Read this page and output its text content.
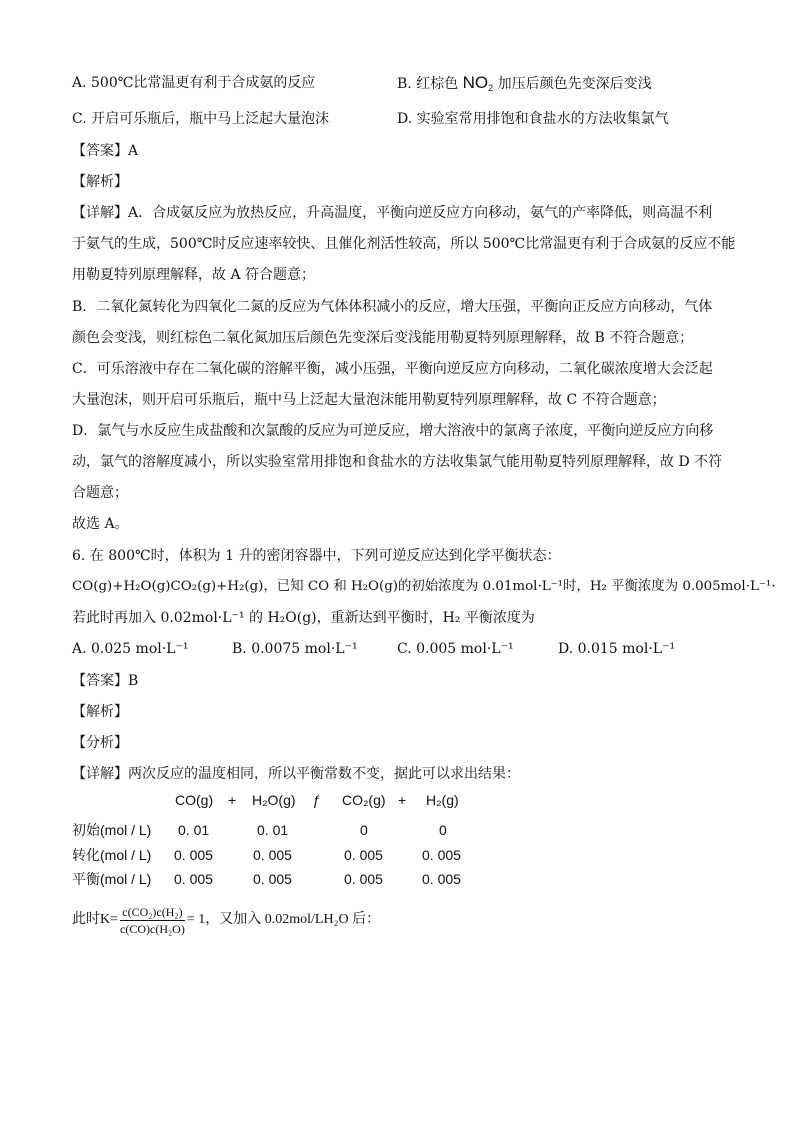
A. 500℃比常温更有利于合成氨的反应	B. 红棕色 $NO_2$ 加压后颜色先变深后变浅
C. 开启可乐瓶后，瓶中马上泛起大量泡沫	D. 实验室常用排饱和食盐水的方法收集氯气
【答案】A
【解析】
【详解】A．合成氨反应为放热反应，升高温度，平衡向逆反应方向移动，氨气的产率降低，则高温不利
于氨气的生成，500℃时反应速率较快、且催化剂活性较高，所以 500℃比常温更有利于合成氨的反应不能
用勒夏特列原理解释，故 A 符合题意；
B．二氧化氮转化为四氧化二氮的反应为气体体积减小的反应，增大压强，平衡向正反应方向移动，气体
颜色会变浅，则红棕色二氧化氮加压后颜色先变深后变浅能用勒夏特列原理解释，故 B 不符合题意；
C．可乐溶液中存在二氧化碳的溶解平衡，减小压强，平衡向逆反应方向移动，二氧化碳浓度增大会泛起
大量泡沫，则开启可乐瓶后，瓶中马上泛起大量泡沫能用勒夏特列原理解释，故 C 不符合题意；
D．氯气与水反应生成盐酸和次氯酸的反应为可逆反应，增大溶液中的氯离子浓度，平衡向逆反应方向移
动，氯气的溶解度减小，所以实验室常用排饱和食盐水的方法收集氯气能用勒夏特列原理解释，故 D 不符
合题意；
故选 A。
6. 在 800℃时，体积为 1 升的密闭容器中，下列可逆反应达到化学平衡状态：
CO(g)+H₂O(g)CO₂(g)+H₂(g)，已知 CO 和 H₂O(g)的初始浓度为 0.01mol·L⁻¹时，H₂ 平衡浓度为 0.005mol·L⁻¹·
若此时再加入 0.02mol·L⁻¹ 的 H₂O(g)，重新达到平衡时，H₂ 平衡浓度为
A. 0.025 mol·L⁻¹	B. 0.0075 mol·L⁻¹	C. 0.005 mol·L⁻¹	D. 0.015 mol·L⁻¹
【答案】B
【解析】
【分析】
【详解】两次反应的温度相同，所以平衡常数不变，据此可以求出结果：
CO(g) + H₂O(g) ƒ CO₂(g) + H₂(g)
初始(mol / L) 0. 01	0. 01	0	0
转化(mol / L) 0. 005	0. 005	0. 005	0. 005
平衡(mol / L) 0. 005	0. 005	0. 005	0. 005
此时 $K= \frac{\text{c(CO₂)c(H₂)}}{\text{c(CO)c(H₂O)}} = 1$ ，又加入 0.02mol/LH₂O 后：
